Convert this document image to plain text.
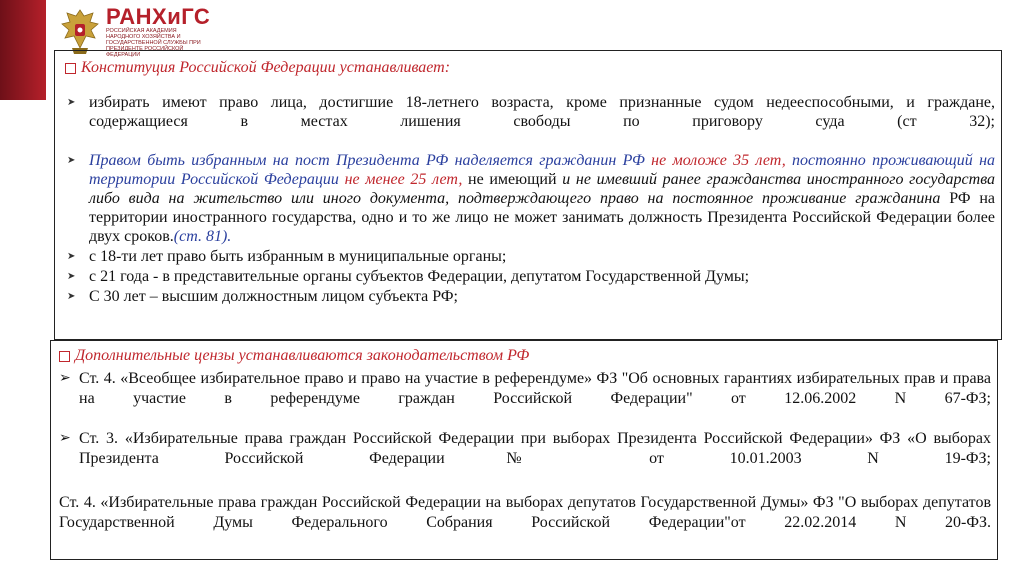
РАНХиГС
РОССИЙСКАЯ АКАДЕМИЯ НАРОДНОГО ХОЗЯЙСТВА И ГОСУДАРСТВЕННОЙ СЛУЖБЫ ПРИ ПРЕЗИДЕНТЕ РОССИЙСКОЙ ФЕДЕРАЦИИ
Конституция Российской Федерации устанавливает:
➤ избирать имеют право лица, достигшие 18-летнего возраста, кроме признанные судом недееспособными, и граждане, содержащиеся в местах лишения свободы по приговору суда (ст 32);
➤ Правом быть избранным на пост Президента РФ наделяется гражданин РФ не моложе 35 лет, постоянно проживающий на территории Российской Федерации не менее 25 лет, не имеющий и не имевший ранее гражданства иностранного государства либо вида на жительство или иного документа, подтверждающего право на постоянное проживание гражданина РФ на территории иностранного государства, одно и то же лицо не может занимать должность Президента Российской Федерации более двух сроков.(ст. 81).
➤ с 18-ти лет право быть избранным в муниципальные органы;
➤ с 21 года - в представительные органы субъектов Федерации, депутатом Государственной Думы;
➤ С 30 лет – высшим должностным лицом субъекта РФ;
Дополнительные цензы устанавливаются законодательством РФ
➢ Ст. 4. «Всеобщее избирательное право и право на участие в референдуме» ФЗ "Об основных гарантиях избирательных прав и права на участие в референдуме граждан Российской Федерации" от 12.06.2002 N 67-ФЗ;
➢ Ст. 3. «Избирательные права граждан Российской Федерации при выборах Президента Российской Федерации» ФЗ «О выборах Президента Российской Федерации№ от 10.01.2003 N 19-ФЗ;
Ст. 4. «Избирательные права граждан Российской Федерации на выборах депутатов Государственной Думы» ФЗ "О выборах депутатов Государственной Думы Федерального Собрания Российской Федерации"от 22.02.2014 N 20-ФЗ.
